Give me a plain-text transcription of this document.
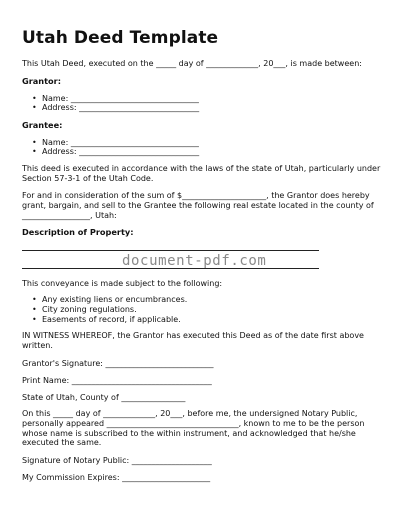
Utah Deed Template
This Utah Deed, executed on the _____ day of _____________, 20___, is made between:
Grantor:
• Name: ________________________________
• Address: ______________________________
Grantee:
• Name: ________________________________
• Address: ______________________________
This deed is executed in accordance with the laws of the state of Utah, particularly under
Section 57-3-1 of the Utah Code.
For and in consideration of the sum of $_____________________, the Grantor does hereby
grant, bargain, and sell to the Grantee the following real estate located in the county of
_________________, Utah:
Description of Property:
document-pdf.com
This conveyance is made subject to the following:
• Any existing liens or encumbrances.
• City zoning regulations.
• Easements of record, if applicable.
IN WITNESS WHEREOF, the Grantor has executed this Deed as of the date first above
written.
Grantor's Signature: ___________________________
Print Name: ___________________________________
State of Utah, County of ________________
On this _____ day of _____________, 20___, before me, the undersigned Notary Public,
personally appeared _________________________________, known to me to be the person
whose name is subscribed to the within instrument, and acknowledged that he/she
executed the same.
Signature of Notary Public: ____________________
My Commission Expires: ______________________
